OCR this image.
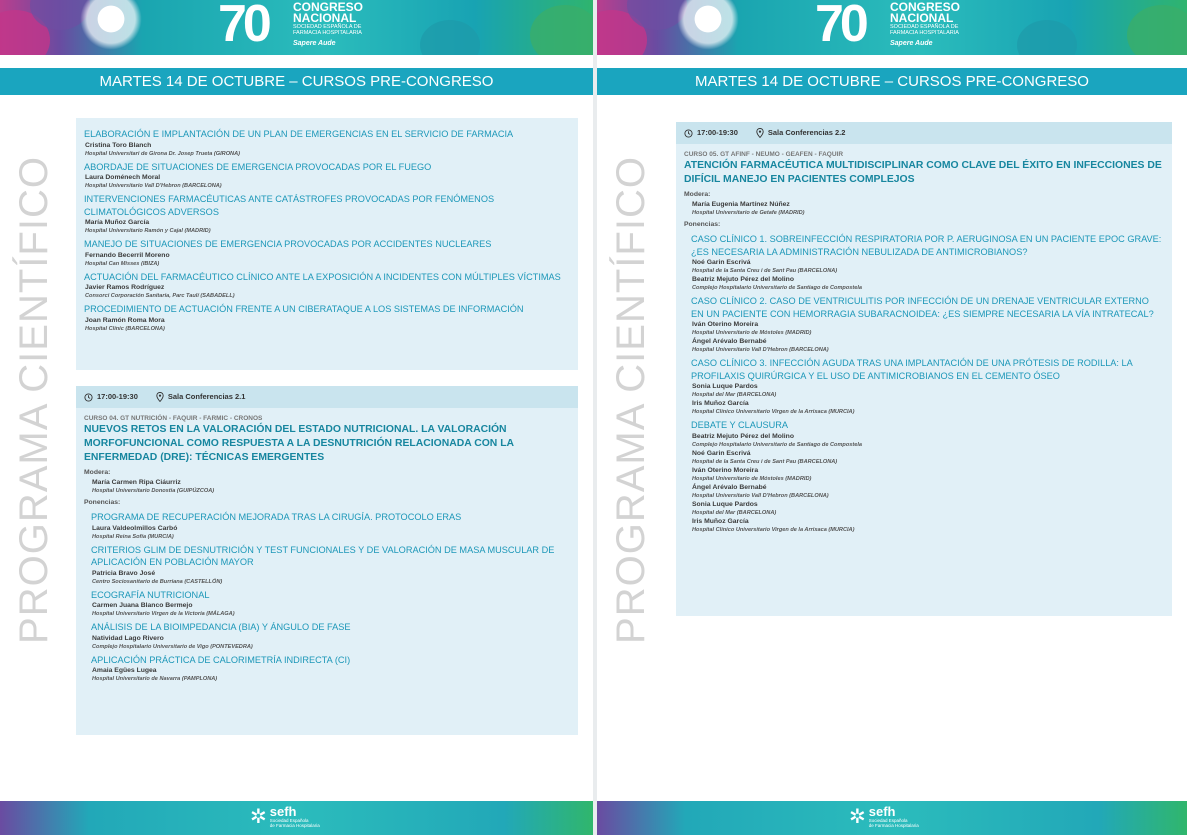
70 CONGRESO
NACIONAL
SOCIEDAD ESPAÑOLA DE
FARMACIA HOSPITALARIA
Sapere Aude
MARTES 14 DE OCTUBRE – CURSOS PRE-CONGRESO
PROGRAMA CIENTÍFICO
ELABORACIÓN E IMPLANTACIÓN DE UN PLAN DE EMERGENCIAS EN EL SERVICIO DE FARMACIA
Cristina Toro Blanch
Hospital Universitari de Girona Dr. Josep Trueta (GIRONA)
ABORDAJE DE SITUACIONES DE EMERGENCIA PROVOCADAS POR EL FUEGO
Laura Doménech Moral
Hospital Universitario Vall D'Hebron (BARCELONA)
INTERVENCIONES FARMACÉUTICAS ANTE CATÁSTROFES PROVOCADAS POR FENÓMENOS CLIMATOLÓGICOS ADVERSOS
María Muñoz García
Hospital Universitario Ramón y Cajal (MADRID)
MANEJO DE SITUACIONES DE EMERGENCIA PROVOCADAS POR ACCIDENTES NUCLEARES
Fernando Becerril Moreno
Hospital Can Misses (IBIZA)
ACTUACIÓN DEL FARMACÉUTICO CLÍNICO ANTE LA EXPOSICIÓN A INCIDENTES CON MÚLTIPLES VÍCTIMAS
Javier Ramos Rodríguez
Consorci Corporación Sanitaria, Parc Taulí (SABADELL)
PROCEDIMIENTO DE ACTUACIÓN FRENTE A UN CIBERATAQUE A LOS SISTEMAS DE INFORMACIÓN
Joan Ramón Roma Mora
Hospital Clínic (BARCELONA)
17:00-19:30	Sala Conferencias 2.1
CURSO 04. GT NUTRICIÓN - FAQUIR - FARMIC - CRONOS
NUEVOS RETOS EN LA VALORACIÓN DEL ESTADO NUTRICIONAL. LA VALORACIÓN MORFOFUNCIONAL COMO RESPUESTA A LA DESNUTRICIÓN RELACIONADA CON LA ENFERMEDAD (DRE): TÉCNICAS EMERGENTES
Modera:
María Carmen Ripa Ciáurriz
Hospital Universitario Donostia (GUIPÚZCOA)
Ponencias:
PROGRAMA DE RECUPERACIÓN MEJORADA TRAS LA CIRUGÍA. PROTOCOLO ERAS
Laura Valdeolmillos Carbó
Hospital Reina Sofía (MURCIA)
CRITERIOS GLIM DE DESNUTRICIÓN Y TEST FUNCIONALES Y DE VALORACIÓN DE MASA MUSCULAR DE APLICACIÓN EN POBLACIÓN MAYOR
Patricia Bravo José
Centro Sociosanitario de Burriana (CASTELLÓN)
ECOGRAFÍA NUTRICIONAL
Carmen Juana Blanco Bermejo
Hospital Universitario Virgen de la Victoria (MÁLAGA)
ANÁLISIS DE LA BIOIMPEDANCIA (BIA) Y ÁNGULO DE FASE
Natividad Lago Rivero
Complejo Hospitalario Universitario de Vigo (PONTEVEDRA)
APLICACIÓN PRÁCTICA DE CALORIMETRÍA INDIRECTA (CI)
Amaia Egües Lugea
Hospital Universitario de Navarra (PAMPLONA)
✲ sefh
Sociedad Española
de Farmacia Hospitalaria
70 CONGRESO
NACIONAL
SOCIEDAD ESPAÑOLA DE
FARMACIA HOSPITALARIA
Sapere Aude
MARTES 14 DE OCTUBRE – CURSOS PRE-CONGRESO
PROGRAMA CIENTÍFICO
17:00-19:30	Sala Conferencias 2.2
CURSO 05. GT AFINF - NEUMO - GEAFEN - FAQUIR
ATENCIÓN FARMACÉUTICA MULTIDISCIPLINAR COMO CLAVE DEL ÉXITO EN INFECCIONES DE DIFÍCIL MANEJO EN PACIENTES COMPLEJOS
Modera:
María Eugenia Martínez Núñez
Hospital Universitario de Getafe (MADRID)
Ponencias:
CASO CLÍNICO 1. SOBREINFECCIÓN RESPIRATORIA POR P. AERUGINOSA EN UN PACIENTE EPOC GRAVE: ¿ES NECESARIA LA ADMINISTRACIÓN NEBULIZADA DE ANTIMICROBIANOS?
Noé Garin Escrivá
Hospital de la Santa Creu i de Sant Pau (BARCELONA)
Beatriz Mejuto Pérez del Molino
Complejo Hospitalario Universitario de Santiago de Compostela
CASO CLÍNICO 2. CASO DE VENTRICULITIS POR INFECCIÓN DE UN DRENAJE VENTRICULAR EXTERNO EN UN PACIENTE CON HEMORRAGIA SUBARACNOIDEA: ¿ES SIEMPRE NECESARIA LA VÍA INTRATECAL?
Iván Oterino Moreira
Hospital Universitario de Móstoles (MADRID)
Ángel Arévalo Bernabé
Hospital Universitario Vall D'Hebron (BARCELONA)
CASO CLÍNICO 3. INFECCIÓN AGUDA TRAS UNA IMPLANTACIÓN DE UNA PRÓTESIS DE RODILLA: LA PROFILAXIS QUIRÚRGICA Y EL USO DE ANTIMICROBIANOS EN EL CEMENTO ÓSEO
Sonia Luque Pardos
Hospital del Mar (BARCELONA)
Iris Muñoz García
Hospital Clínico Universitario Virgen de la Arrixaca (MURCIA)
DEBATE Y CLAUSURA
Beatriz Mejuto Pérez del Molino
Complejo Hospitalario Universitario de Santiago de Compostela
Noé Garin Escrivá
Hospital de la Santa Creu i de Sant Pau (BARCELONA)
Iván Oterino Moreira
Hospital Universitario de Móstoles (MADRID)
Ángel Arévalo Bernabé
Hospital Universitario Vall D'Hebron (BARCELONA)
Sonia Luque Pardos
Hospital del Mar (BARCELONA)
Iris Muñoz García
Hospital Clínico Universitario Virgen de la Arrixaca (MURCIA)
✲ sefh
Sociedad Española
de Farmacia Hospitalaria
